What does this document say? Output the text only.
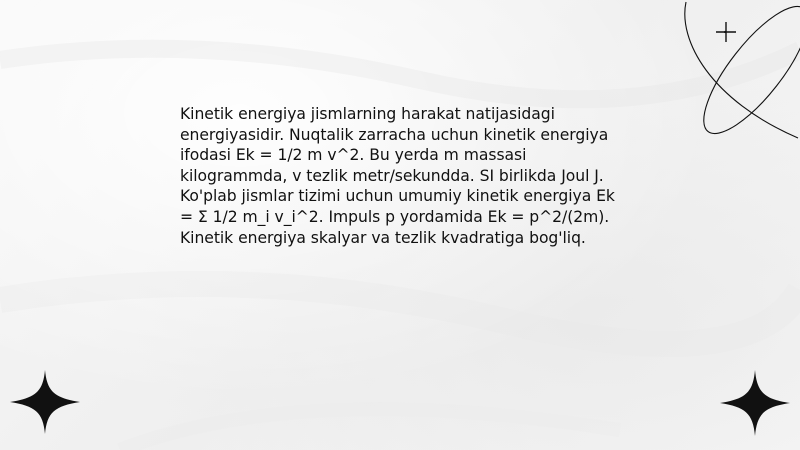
Kinetik energiya jismlarning harakat natijasidagi energiyasidir. Nuqtalik zarracha uchun kinetik energiya ifodasi Ek = 1/2 m v^2. Bu yerda m massasi kilogrammda, v tezlik metr/sekundda. SI birlikda Joul J. Ko'plab jismlar tizimi uchun umumiy kinetik energiya Ek = Σ 1/2 m_i v_i^2. Impuls p yordamida Ek = p^2/(2m). Kinetik energiya skalyar va tezlik kvadratiga bog'liq.
